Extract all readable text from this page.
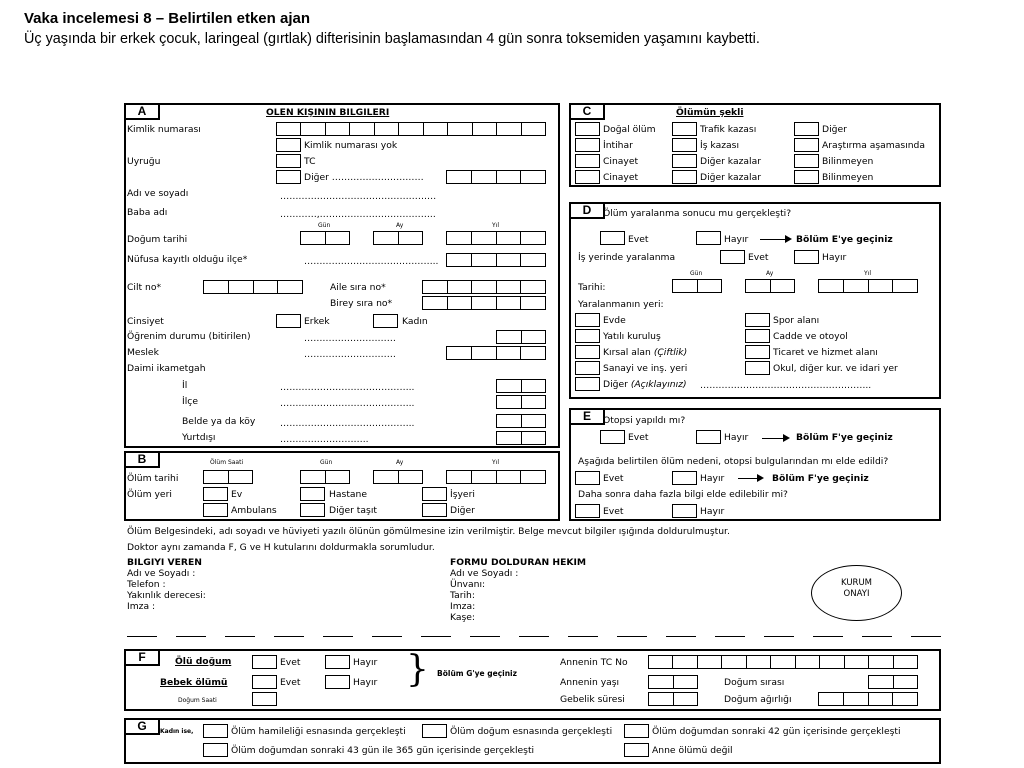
Vaka incelemesi 8 – Belirtilen etken ajan
Üç yaşında bir erkek çocuk, laringeal (gırtlak) difterisinin başlamasından 4 gün sonra toksemiden yaşamını kaybetti.
A	OLEN KIŞININ BILGILERI
Kimlik numarası
Kimlik numarası yok
Uyruğu	TC
Diğer …………………………
Adı ve soyadı	……………………………………………
Baba adı	…………,………………………………..
Gün	Ay	Yıl
Doğum tarihi
Nüfusa kayıtlı olduğu ilçe*	……………………………………..
Cilt no*	Aile sıra no*
Birey sıra no*
Cinsiyet	Erkek	Kadın
Öğrenim durumu (bitirilen)	…………………………
Meslek	…………………………
Daimi ikametgah
İl	……………………………………..
İlçe	……………………………………..
Belde ya da köy	……………………………………..
Yurtdışı	………………………..
B	Ölüm Saati	Gün	Ay	Yıl
Ölüm tarihi
Ölüm yeri	Ev	Hastane	İşyeri
Ambulans	Diğer taşıt	Diğer
C	Ölümün şekli
Doğal ölüm	Trafik kazası	Diğer
İntihar	İş kazası	Araştırma aşamasında
Cinayet	Diğer kazalar	Bilinmeyen
Cinayet	Diğer kazalar	Bilinmeyen
D	Ölüm yaralanma sonucu mu gerçekleşti?
Evet	Hayır	Bölüm E'ye geçiniz
İş yerinde yaralanma	Evet	Hayır
Gün	Ay	Yıl
Tarihi:
Yaralanmanın yeri:
Evde	Spor alanı
Yatılı kuruluş	Cadde ve otoyol
Kırsal alan (Çiftlik)	Ticaret ve hizmet alanı
Sanayi ve inş. yeri	Okul, diğer kur. ve idari yer
Diğer (Açıklayınız) ………………………………………………..
E	Otopsi yapıldı mı?
Evet	Hayır	Bölüm F'ye geçiniz
Aşağıda belirtilen ölüm nedeni, otopsi bulgularından mı elde edildi?
Evet	Hayır	Bölüm F'ye geçiniz
Daha sonra daha fazla bilgi elde edilebilir mi?
Evet	Hayır
Ölüm Belgesindeki, adı soyadı ve hüviyeti yazılı ölünün gömülmesine izin verilmiştir. Belge mevcut bilgiler ışığında doldurulmuştur.
Doktor aynı zamanda F, G ve H kutularını doldurmakla sorumludur.
BILGIYI VEREN
Adı ve Soyadı :
Telefon :
Yakınlık derecesi:
Imza :
FORMU DOLDURAN HEKIM
Adı ve Soyadı :
Ünvanı:
Tarih:
Imza:
Kaşe:
KURUM
ONAYI
F	Ölü doğum	Evet	Hayır
Bebek ölümü	Evet	Hayır
Doğum Saati
} Bölüm G'ye geçiniz
Annenin TC No
Annenin yaşı	Doğum sırası
Gebelik süresi	Doğum ağırlığı
G	Kadın ise,	Ölüm hamileliği esnasında gerçekleşti	Ölüm doğum esnasında gerçekleşti	Ölüm doğumdan sonraki 42 gün içerisinde gerçekleşti
Ölüm doğumdan sonraki 43 gün ile 365 gün içerisinde gerçekleşti	Anne ölümü değil
